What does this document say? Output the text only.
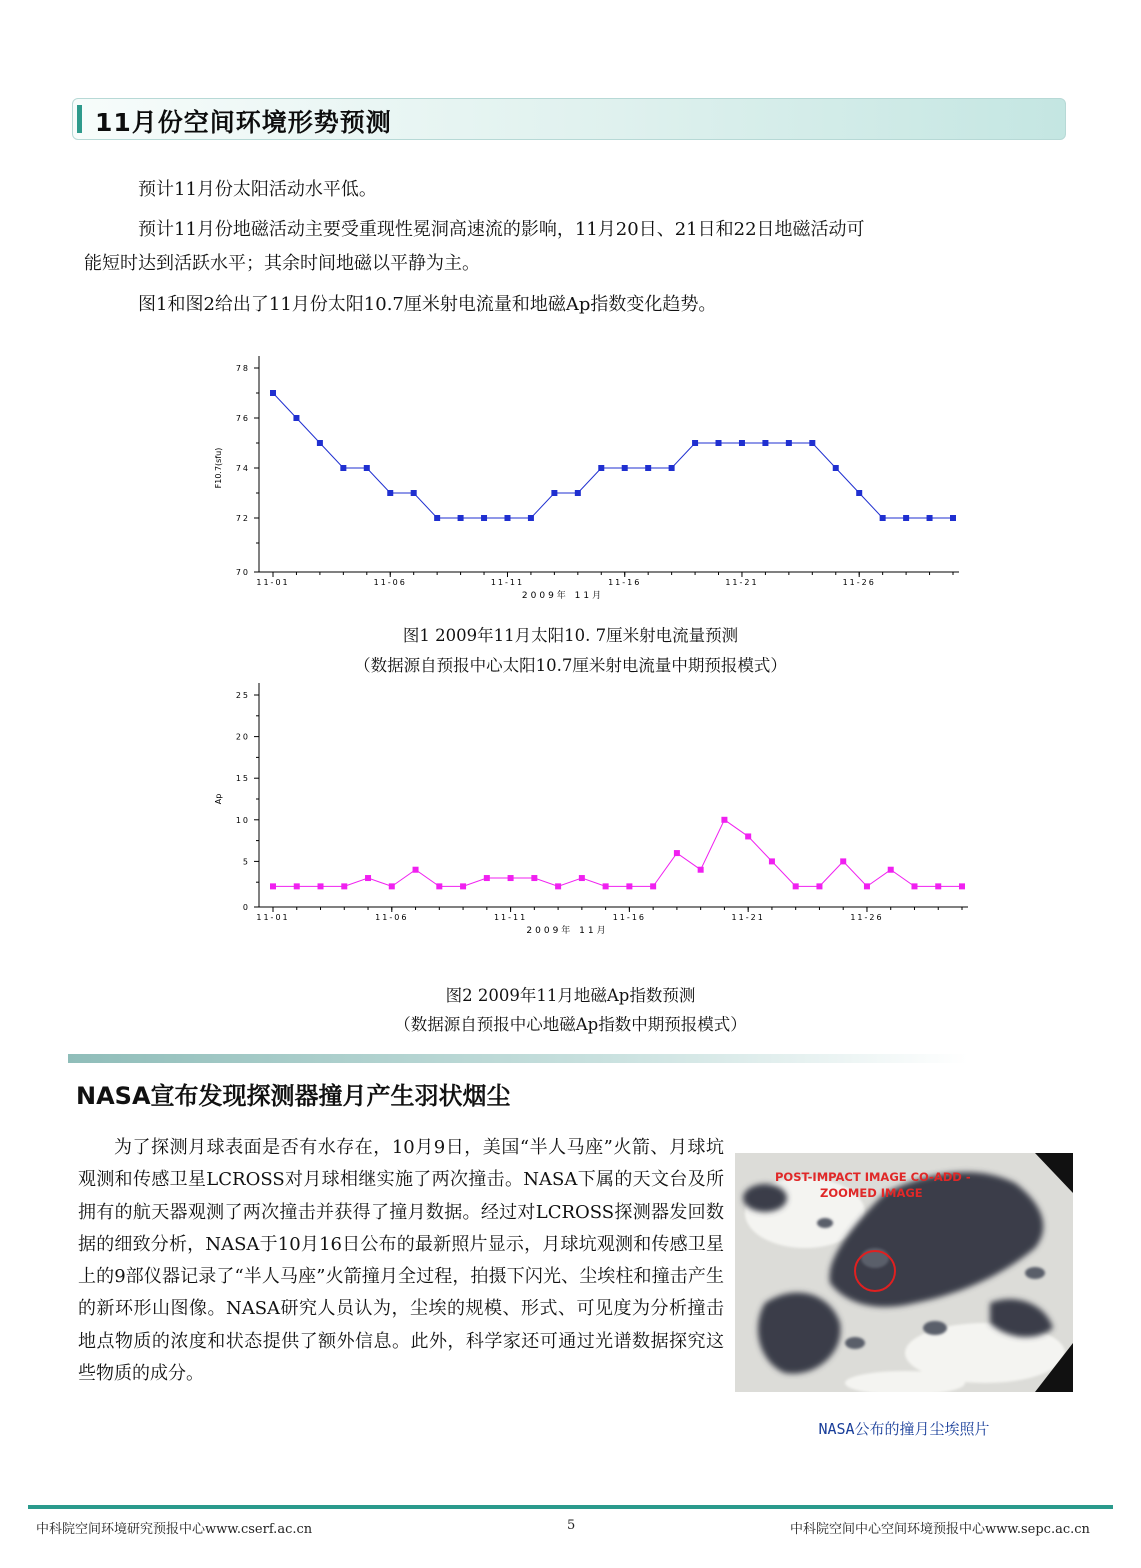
11月份空间环境形势预测
预计11月份太阳活动水平低。
预计11月份地磁活动主要受重现性冕洞高速流的影响，11月20日、21日和22日地磁活动可
能短时达到活跃水平；其余时间地磁以平静为主。
图1和图2给出了11月份太阳10.7厘米射电流量和地磁Ap指数变化趋势。
70
72
74
76
78
11-01	11-06	11-11	11-16	11-21	11-26
2009年 11月
F10.7(sfu)
图1 2009年11月太阳10. 7厘米射电流量预测
（数据源自预报中心太阳10.7厘米射电流量中期预报模式）
0
5
10
15
20
25
11-01	11-06	11-11	11-16	11-21	11-26
2009年 11月
Ap
图2 2009年11月地磁Ap指数预测
（数据源自预报中心地磁Ap指数中期预报模式）
NASA宣布发现探测器撞月产生羽状烟尘
为了探测月球表面是否有水存在，10月9日，美国“半人马座”火箭、月球坑观测和传感卫星LCROSS对月球相继实施了两次撞击。NASA下属的天文台及所拥有的航天器观测了两次撞击并获得了撞月数据。经过对LCROSS探测器发回数据的细致分析，NASA于10月16日公布的最新照片显示，月球坑观测和传感卫星上的9部仪器记录了“半人马座”火箭撞月全过程，拍摄下闪光、尘埃柱和撞击产生的新环形山图像。NASA研究人员认为，尘埃的规模、形式、可见度为分析撞击地点物质的浓度和状态提供了额外信息。此外，科学家还可通过光谱数据探究这些物质的成分。
POST-IMPACT IMAGE CO-ADD -
ZOOMED IMAGE
NASA公布的撞月尘埃照片
中科院空间环境研究预报中心www.cserf.ac.cn	5	中科院空间中心空间环境预报中心www.sepc.ac.cn
